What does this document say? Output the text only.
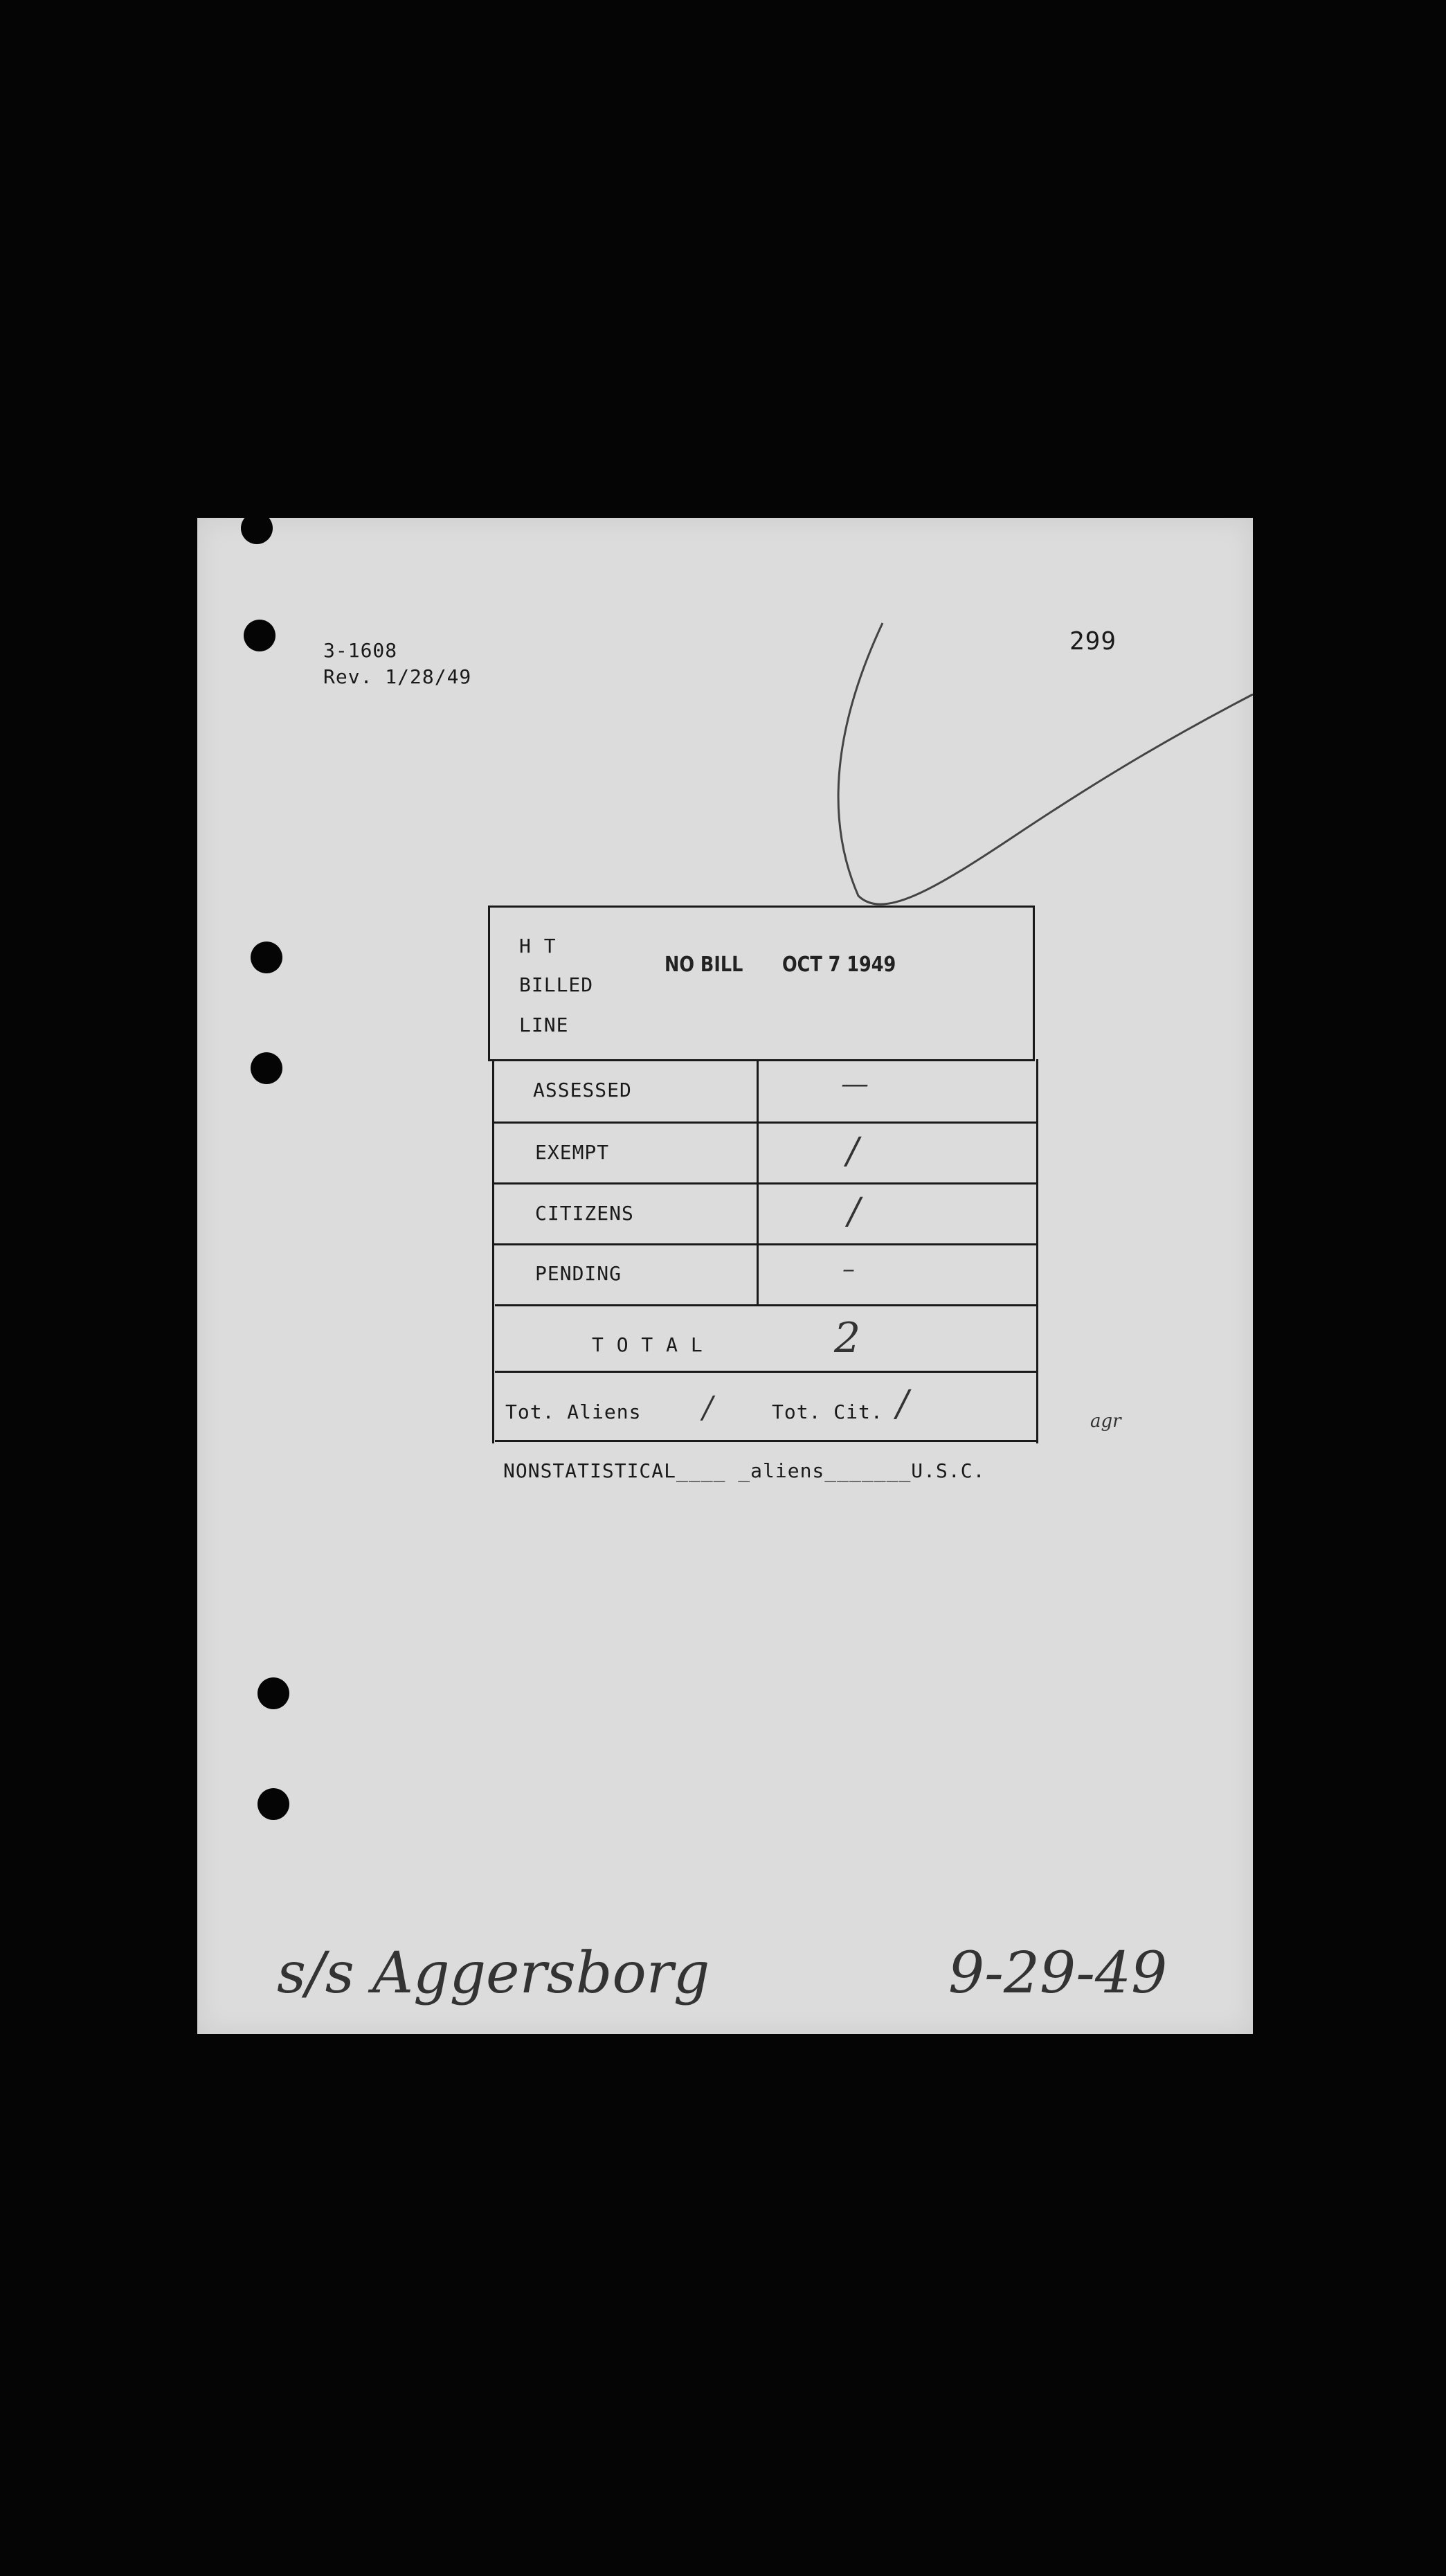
3-1608
Rev. 1/28/49
299
H T
BILLED
LINE
NO BILL OCT 7 1949
ASSESSED	—
EXEMPT	/
CITIZENS	/
PENDING	–
T O T A L	2
Tot. Aliens /	Tot. Cit. /	agr
NONSTATISTICAL____ _aliens_______U.S.C.
s/s Aggersborg	9-29-49
